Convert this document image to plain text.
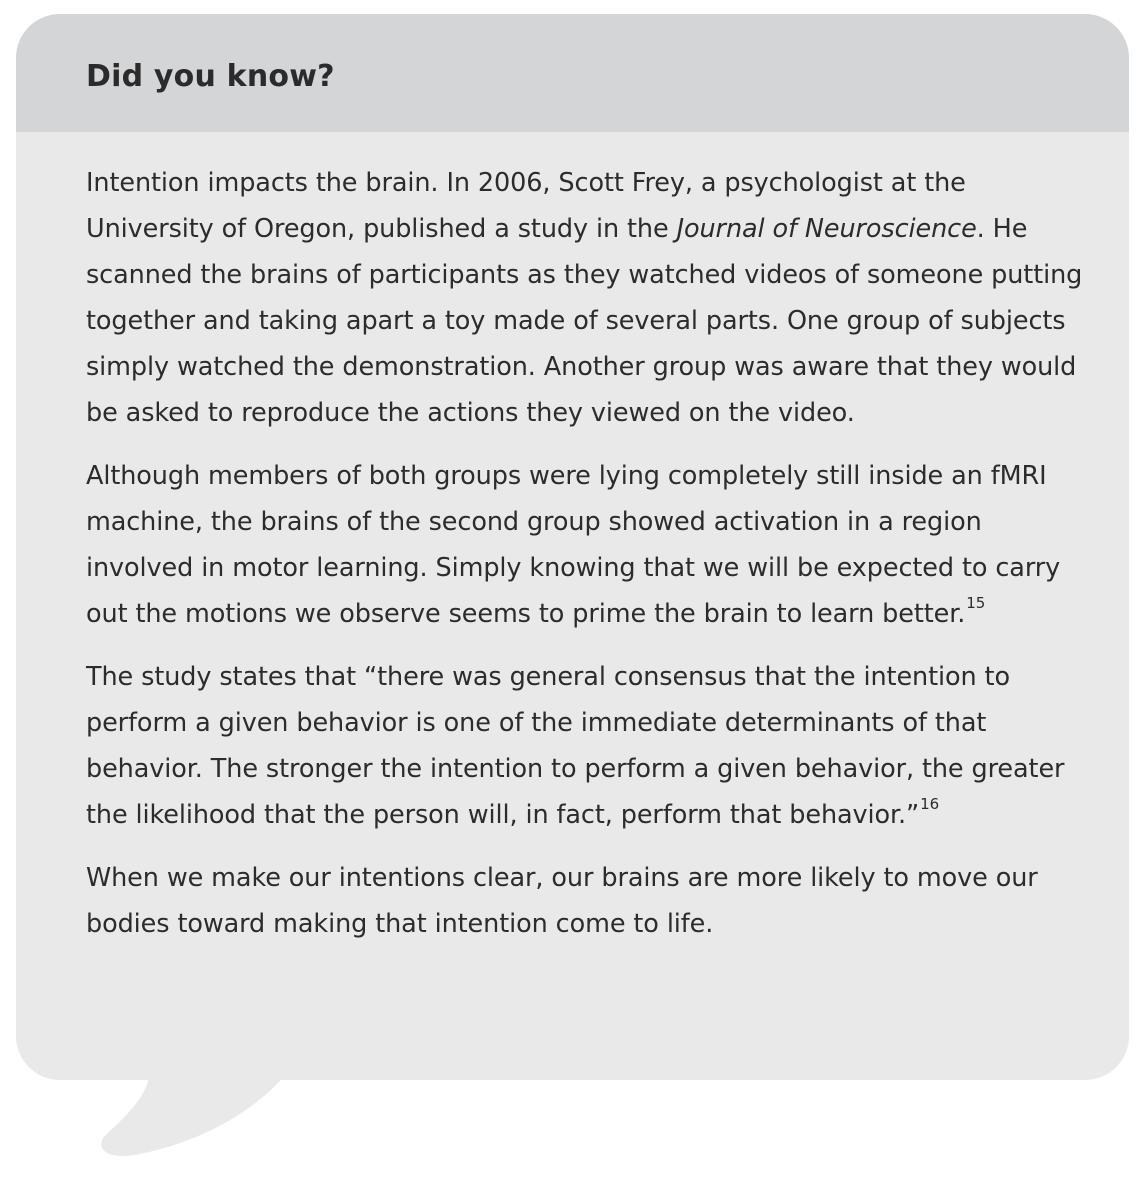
Did you know?

Intention impacts the brain. In 2006, Scott Frey, a psychologist at the University of Oregon, published a study in the Journal of Neuroscience. He scanned the brains of participants as they watched videos of someone putting together and taking apart a toy made of several parts. One group of subjects simply watched the demonstration. Another group was aware that they would be asked to reproduce the actions they viewed on the video.

Although members of both groups were lying completely still inside an fMRI machine, the brains of the second group showed activation in a region involved in motor learning. Simply knowing that we will be expected to carry out the motions we observe seems to prime the brain to learn better.$^{15}$

The study states that “there was general consensus that the intention to perform a given behavior is one of the immediate determinants of that behavior. The stronger the intention to perform a given behavior, the greater the likelihood that the person will, in fact, perform that behavior.”$^{16}$

When we make our intentions clear, our brains are more likely to move our bodies toward making that intention come to life.
